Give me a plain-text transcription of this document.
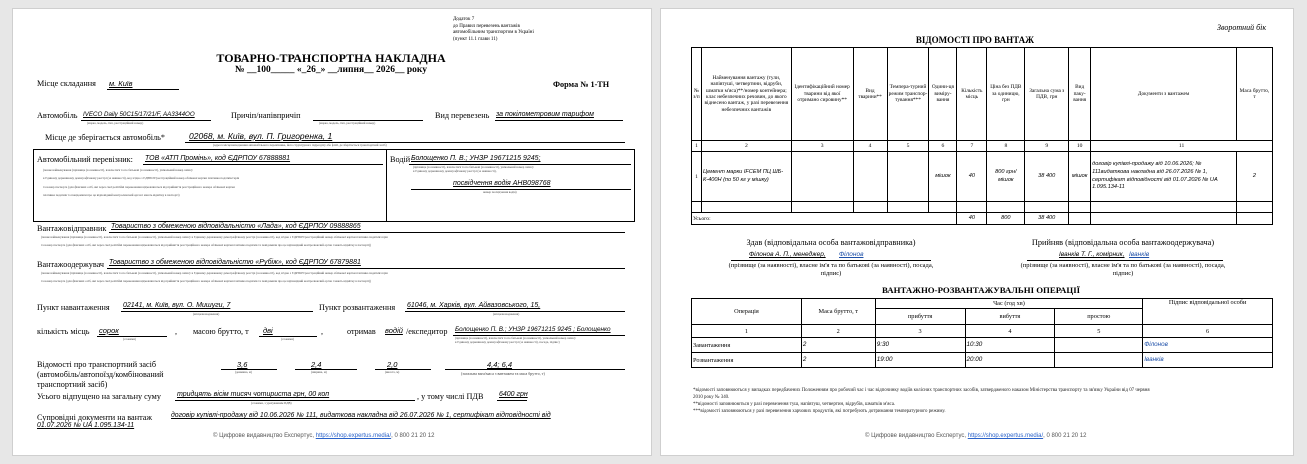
Додаток 7
до Правил перевезень вантажів
автомобільним транспортом в Україні
(пункт 11.1 глави 11)
ТОВАРНО-ТРАНСПОРТНА НАКЛАДНА
№ __100_____ «_26_» __липня__ 2026__ року
Місце складання м. Київ	Форма № 1-ТН
Автомобіль IVECO Daily 50C15/17/21/F, АА3344ОО
(марка, модель, тип, реєстраційний номер)
Причіп/напівпричіп
(марка, модель, тип, реєстраційний номер)
Вид перевезень за покілометровим тарифом
Місце де зберігається автомобіль*	02068, м. Київ, вул. П. Григоренка, 1
(адреса місцезнаходження автомобільного перевізника, його структурного підрозділу або філії, де зберігається транспортний засіб)
Автомобільний перевізник: ТОВ «АТП Промінь», код ЄДРПОУ 67888881
(повне найменування (прізвище (за наявності), власне ім'я та по батькові (за наявності), унікальний номер запису
в Єдиному державному демографічному реєстрі (за наявності), код згідно з ЄДРПОУ/реєстраційний номер облікової картки платника податків/серія
та номер паспорта (для фізичних осіб, які через свої релігійні переконання відмовляються від прийняття реєстраційного номера облікової картки
платника податків та повідомили про це відповідний контролюючий орган і мають відмітку в паспорті)
Водій Болощенко П. В.; УНЗР 19671215 9245;
(прізвище (за наявності), власне ім'я та по батькові (за наявності), унікальний номер запису
в Єдиному державному демографічному реєстрі (за наявності),
посвідчення водія АНВ098768
номер посвідчення водія)
Вантажовідправник Товариство з обмеженою відповідальністю «Лада», код ЄДРПОУ 09888865
(повне найменування (прізвище (за наявності), власне ім'я та по батькові (за наявності), унікальний номер запису в Єдиному державному демографічному реєстрі (за наявності), код згідно з ЄДРПОУ/реєстраційний номер облікової картки платника податків/серія
та номер паспорта (для фізичних осіб, які через свої релігійні переконання відмовляються від прийняття реєстраційного номера облікової картки платника податків та повідомили про це відповідний контролюючий орган і мають відмітку в паспорті))
Вантажоодержувач Товариство з обмеженою відповідальністю «Рубіж», код ЄДРПОУ 67879881
(повне найменування (прізвище (за наявності), власне ім'я та по батькові (за наявності), унікальний номер запису в Єдиному державному демографічному реєстрі (за наявності), код згідно з ЄДРПОУ/реєстраційний номер облікової картки платника податків/серія
та номер паспорта (для фізичних осіб, які через свої релігійні переконання відмовляються від прийняття реєстраційного номера облікової картки платника податків та повідомили про це відповідний контролюючий орган і мають відмітку в паспорті))
Пункт навантаження 02141, м. Київ, вул. О. Мишуги, 7
(місцезнаходження)
Пункт розвантаження 61046, м. Харків, вул. Айвазовського, 15,
(місцезнаходження)
кількість місць сорок
(словами)
, масою брутто, т дві
(словами)
,	отримав водій /експедитор Болощенко П. В.; УНЗР 19671215 9245 ; Болощенко
(прізвище (за наявності), власне ім'я та по батькові (за наявності), унікальний номер запису
в Єдиному державному демографічному реєстрі (за наявності), посада, підпис)
Відомості про транспортний засіб
(автомобіль/автопоїзд/комбінований
транспортний засіб)
3,6
(довжина, м)
2,4
(ширина, м)
2,0
(висота, м)
4,4; 6,4
(загальна вага/маса з вантажем та маса брутто, т)
Усього відпущено на загальну суму тридцять вісім тисяч чотириста грн, 00 коп
(словами, з урахуванням ПДВ)
, у тому числі ПДВ 6400 грн
Супровідні документи на вантаж	договір купівлі-продажу від 10.06.2026 № 111, видаткова накладна від 26.07.2026 № 1, сертифікат відповідності від
01.07.2026 № UA 1.095.134-11
© Цифрове видавництво Експертус, https://shop.expertus.media/, 0 800 21 20 12
Зворотний бік
ВІДОМОСТІ ПРО ВАНТАЖ
№ з/п	Найменування вантажу (тули, напівтуші, четвертини, відруби, шматки м'яса)**/номер контейнера; клас небезпечних речовин, до якого віднесено вантаж, у разі перевезення небезпечних вантажів	Ідентифікаційний номер тварини від якої отримано сировину**	Вид тварини**	Темпера-турний режим транспор-тування***	Одини-ця виміру-вання	Кількість місць	Ціна без ПДВ за одиницю, грн	Загальна сума з ПДВ, грн	Вид паку-вання	Документи з вантажем	Маса брутто, т
1	2	3	4	5	6	7	8	9	10	11	
1	Цемент марки IFCEM ПЦ ШБ-К-400Н (по 50 кг у мішку)				мішок	40	800 грн/мішок	38 400	мішок	договір купівлі-продажу від 10.06.2026; № 111видаткова накладна від 26.07.2026 № 1, сертифікат відповідності від 01.07.2026 № UA 1.095.134-11	2

Усього:						40	800	38 400			
Здав (відповідальна особа вантажовідправника)
Філонов А. П., менеджер, Філонов
(прізвище (за наявності), власне ім'я та по батькові (за наявності), посада, підпис)
Прийняв (відповідальна особа вантажоодержувача)
Іванків Т. Г., комірник, Іванків
(прізвище (за наявності), власне ім'я та по батькові (за наявності), посада, підпис)
ВАНТАЖНО-РОЗВАНТАЖУВАЛЬНІ ОПЕРАЦІЇ
Операція	Маса брутто, т	Час (год хв)			Підпис відповідальної особи
		прибуття	вибуття	простою	
1	2	3	4	5	6
Завантаження	2	9:30	10:30		Філонов
Розвантаження	2	19:00	20:00		Іванків
*відомості заповнюються у випадках передбачених Положенням про робочий час і час відпочинку водіїв колісних транспортних засобів, затвердженого наказом Міністерства транспорту та зв'язку України від 07 червня
2010 року № 340.
**відомості заповнюються у разі перевезення туш, напівтуш, четвертин, відрубів, шматків м'яса.
***відомості заповнюються у разі перевезення харчових продуктів, які потребують дотримання температурного режиму.
© Цифрове видавництво Експертус, https://shop.expertus.media/, 0 800 21 20 12
